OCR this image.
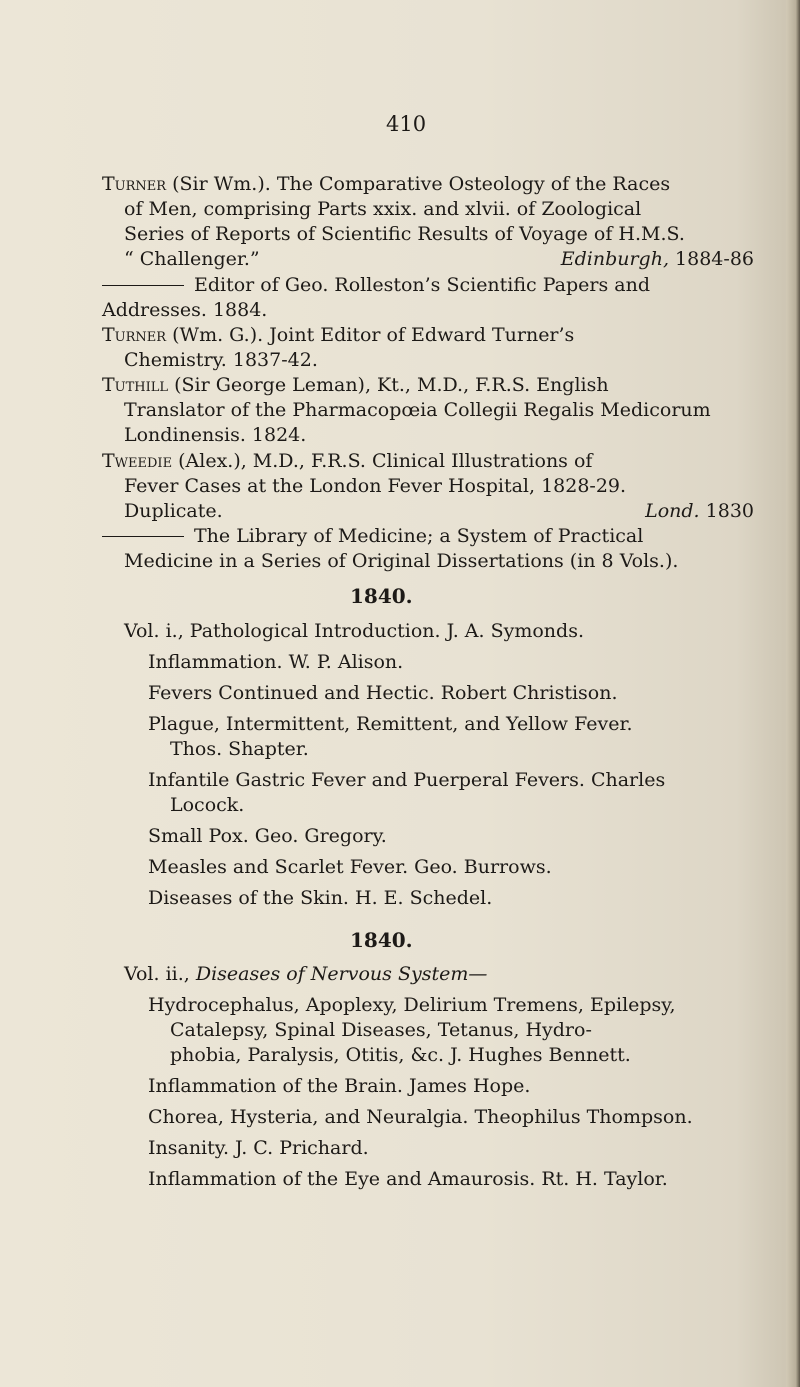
410
Turner (Sir Wm.). The Comparative Osteology of the Races
of Men, comprising Parts xxix. and xlvii. of Zoological
Series of Reports of Scientific Results of Voyage of H.M.S.
“ Challenger.”	Edinburgh, 1884-86
Editor of Geo. Rolleston’s Scientific Papers and
Addresses. 1884.
Turner (Wm. G.). Joint Editor of Edward Turner’s
Chemistry. 1837-42.
Tuthill (Sir George Leman), Kt., M.D., F.R.S. English
Translator of the Pharmacopœia Collegii Regalis Medicorum
Londinensis. 1824.
Tweedie (Alex.), M.D., F.R.S. Clinical Illustrations of
Fever Cases at the London Fever Hospital, 1828-29.
Duplicate.	Lond. 1830
The Library of Medicine; a System of Practical
Medicine in a Series of Original Dissertations (in 8 Vols.).
1840.
Vol. i., Pathological Introduction. J. A. Symonds.
Inflammation. W. P. Alison.
Fevers Continued and Hectic. Robert Christison.
Plague, Intermittent, Remittent, and Yellow Fever.
Thos. Shapter.
Infantile Gastric Fever and Puerperal Fevers. Charles
Locock.
Small Pox. Geo. Gregory.
Measles and Scarlet Fever. Geo. Burrows.
Diseases of the Skin. H. E. Schedel.
1840.
Vol. ii., Diseases of Nervous System—
Hydrocephalus, Apoplexy, Delirium Tremens, Epilepsy,
Catalepsy, Spinal Diseases, Tetanus, Hydro-
phobia, Paralysis, Otitis, &c. J. Hughes Bennett.
Inflammation of the Brain. James Hope.
Chorea, Hysteria, and Neuralgia. Theophilus Thompson.
Insanity. J. C. Prichard.
Inflammation of the Eye and Amaurosis. Rt. H. Taylor.
